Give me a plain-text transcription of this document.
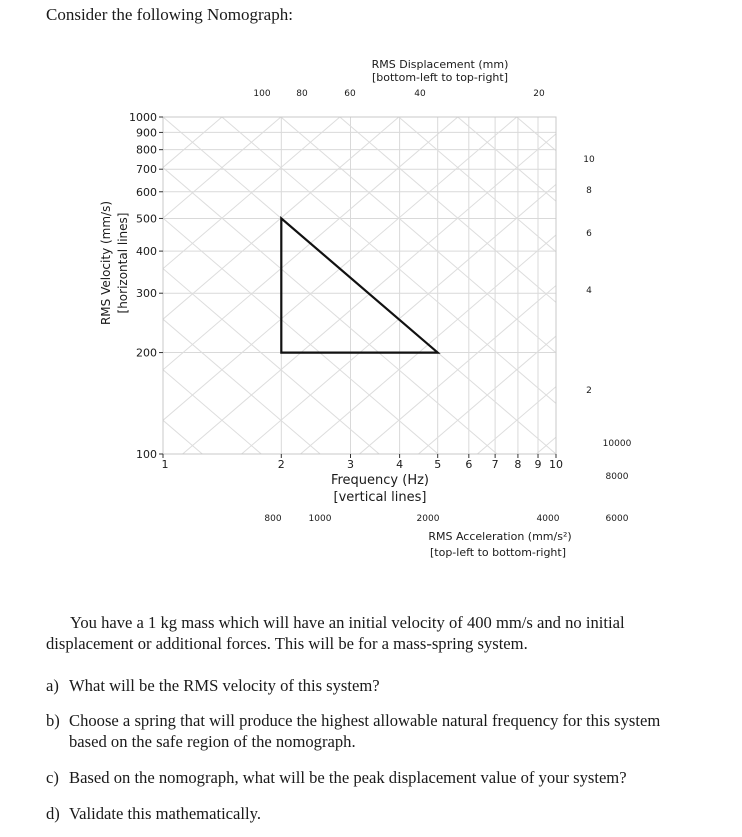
Consider the following Nomograph:
100
200
300
400
500
600
700
800
900
1000
1	2	3	4	5 6 7 8 9 10
100	80	60	40	20
10
8
6
4
2
800	1000	2000	4000
10000
8000
6000
RMS Displacement (mm)
[bottom-left to top-right]
RMS Velocity (mm/s) [horizontal lines]
Frequency (Hz)
[vertical lines]
RMS Acceleration (mm/s²)
[top-left to bottom-right]
You have a 1 kg mass which will have an initial velocity of 400 mm/s and no initial displacement or additional forces. This will be for a mass-spring system.
a) What will be the RMS velocity of this system?
b) Choose a spring that will produce the highest allowable natural frequency for this system based on the safe region of the nomograph.
c) Based on the nomograph, what will be the peak displacement value of your system?
d) Validate this mathematically.
